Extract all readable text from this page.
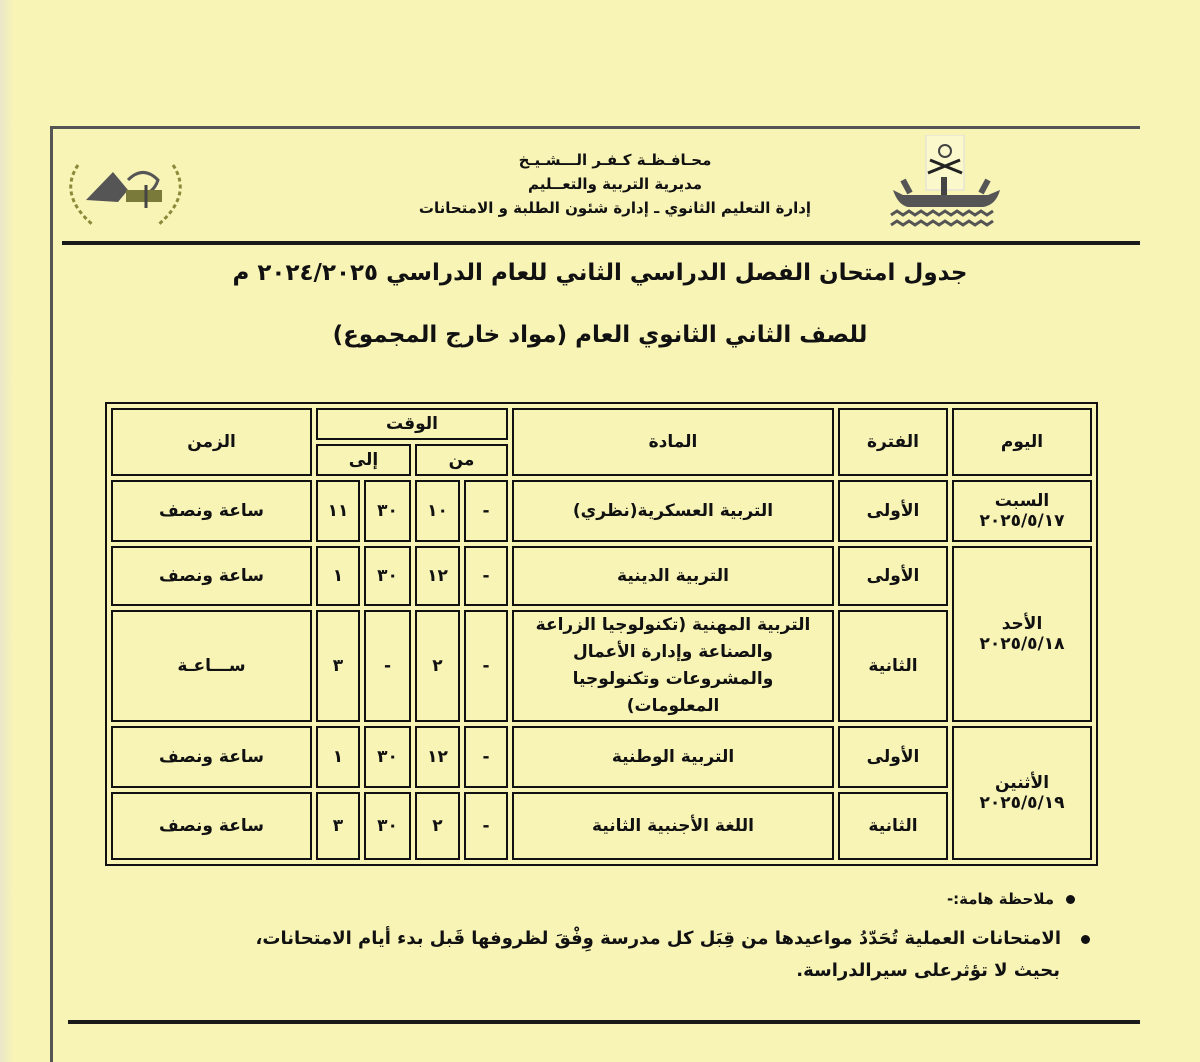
محـافـظـة كـفـر الـــشـيـخ
مديرية التربية والتعــليم
إدارة التعليم الثانوي ـ إدارة شئون الطلبة و الامتحانات
جدول امتحان الفصل الدراسي الثاني للعام الدراسي ٢٠٢٤/٢٠٢٥ م
للصف الثاني الثانوي العام (مواد خارج المجموع)
اليوم	الفترة	المادة	الوقت				الزمن
			من		إلى		

السبت
٢٠٢٥/٥/١٧	الأولى	التربية العسكرية(نظري)	-	١٠	٣٠	١١	ساعة ونصف

الأحد
٢٠٢٥/٥/١٨	الأولى	التربية الدينية	-	١٢	٣٠	١	ساعة ونصف
	الثانية	التربية المهنية (تكنولوجيا الزراعة والصناعة وإدارة الأعمال والمشروعات وتكنولوجيا المعلومات)	-	٢	-	٣	ســـاعـة

الأثنين
٢٠٢٥/٥/١٩	الأولى	التربية الوطنية	-	١٢	٣٠	١	ساعة ونصف
	الثانية	اللغة الأجنبية الثانية	-	٢	٣٠	٣	ساعة ونصف
ملاحظة هامة:-
الامتحانات العملية تُحَدّدُ مواعيدها من قِبَل كل مدرسة وِفْقَ لظروفها قَبل بدء أيام الامتحانات،
بحيث لا تؤثرعلى سيرالدراسة.
